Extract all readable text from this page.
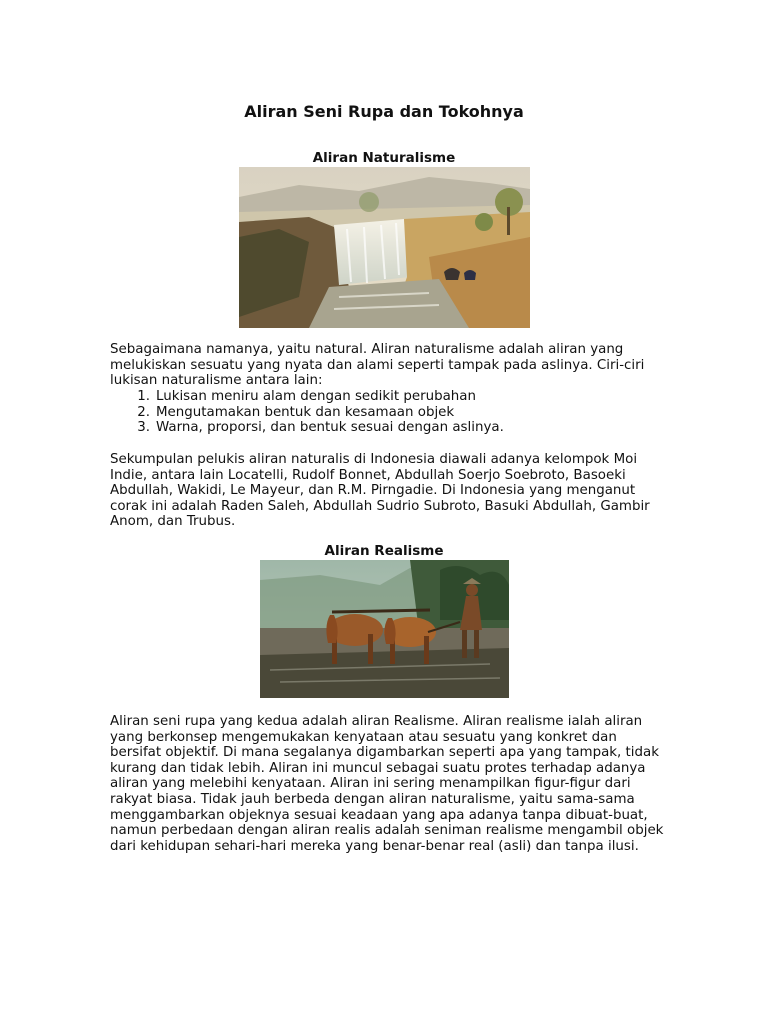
Aliran Seni Rupa dan Tokohnya
Aliran Naturalisme

Sebagaimana namanya, yaitu natural. Aliran naturalisme adalah aliran yang melukiskan sesuatu yang nyata dan alami seperti tampak pada aslinya. Ciri-ciri lukisan naturalisme antara lain:

1. Lukisan meniru alam dengan sedikit perubahan
2. Mengutamakan bentuk dan kesamaan objek
3. Warna, proporsi, dan bentuk sesuai dengan aslinya.

Sekumpulan pelukis aliran naturalis di Indonesia diawali adanya kelompok Moi Indie, antara lain Locatelli, Rudolf Bonnet, Abdullah Soerjo Soebroto, Basoeki Abdullah, Wakidi, Le Mayeur, dan R.M. Pirngadie. Di Indonesia yang menganut corak ini adalah Raden Saleh, Abdullah Sudrio Subroto, Basuki Abdullah, Gambir Anom, dan Trubus.

Aliran Realisme

Aliran seni rupa yang kedua adalah aliran Realisme. Aliran realisme ialah aliran yang berkonsep mengemukakan kenyataan atau sesuatu yang konkret dan bersifat objektif. Di mana segalanya digambarkan seperti apa yang tampak, tidak kurang dan tidak lebih. Aliran ini muncul sebagai suatu protes terhadap adanya aliran yang melebihi kenyataan. Aliran ini sering menampilkan figur-figur dari rakyat biasa. Tidak jauh berbeda dengan aliran naturalisme, yaitu sama-sama menggambarkan objeknya sesuai keadaan yang apa adanya tanpa dibuat-buat, namun perbedaan dengan aliran realis adalah seniman realisme mengambil objek dari kehidupan sehari-hari mereka yang benar-benar real (asli) dan tanpa ilusi.
